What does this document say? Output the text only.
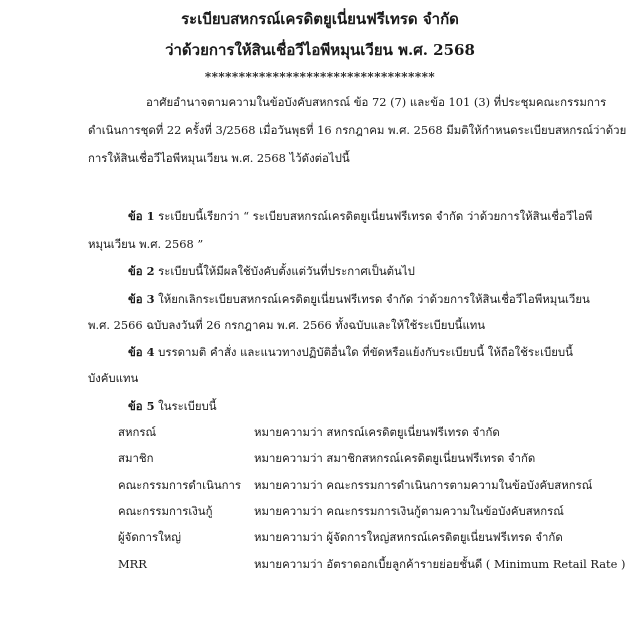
ระเบียบสหกรณ์เครดิตยูเนี่ยนฟรีเทรด จำกัด
ว่าด้วยการให้สินเชื่อวีไอพีหมุนเวียน พ.ศ. 2568
**********************************
อาศัยอำนาจตามความในข้อบังคับสหกรณ์ ข้อ 72 (7) และข้อ 101 (3) ที่ประชุมคณะกรรมการ
ดำเนินการชุดที่ 22 ครั้งที่ 3/2568 เมื่อวันพุธที่ 16 กรกฎาคม พ.ศ. 2568 มีมติให้กำหนดระเบียบสหกรณ์ว่าด้วย
การให้สินเชื่อวีไอพีหมุนเวียน พ.ศ. 2568 ไว้ดังต่อไปนี้
ข้อ 1 ระเบียบนี้เรียกว่า “ ระเบียบสหกรณ์เครดิตยูเนี่ยนฟรีเทรด จำกัด ว่าด้วยการให้สินเชื่อวีไอพี
หมุนเวียน พ.ศ. 2568 ”
ข้อ 2 ระเบียบนี้ให้มีผลใช้บังคับตั้งแต่วันที่ประกาศเป็นต้นไป
ข้อ 3 ให้ยกเลิกระเบียบสหกรณ์เครดิตยูเนี่ยนฟรีเทรด จำกัด ว่าด้วยการให้สินเชื่อวีไอพีหมุนเวียน
พ.ศ. 2566 ฉบับลงวันที่ 26 กรกฎาคม พ.ศ. 2566 ทั้งฉบับและให้ใช้ระเบียบนี้แทน
ข้อ 4 บรรดามติ คำสั่ง และแนวทางปฏิบัติอื่นใด ที่ขัดหรือแย้งกับระเบียบนี้ ให้ถือใช้ระเบียบนี้
บังคับแทน
ข้อ 5 ในระเบียบนี้
สหกรณ์	หมายความว่า สหกรณ์เครดิตยูเนี่ยนฟรีเทรด จำกัด
สมาชิก	หมายความว่า สมาชิกสหกรณ์เครดิตยูเนี่ยนฟรีเทรด จำกัด
คณะกรรมการดำเนินการ หมายความว่า คณะกรรมการดำเนินการตามความในข้อบังคับสหกรณ์
คณะกรรมการเงินกู้	หมายความว่า คณะกรรมการเงินกู้ตามความในข้อบังคับสหกรณ์
ผู้จัดการใหญ่	หมายความว่า ผู้จัดการใหญ่สหกรณ์เครดิตยูเนี่ยนฟรีเทรด จำกัด
MRR	หมายความว่า อัตราดอกเบี้ยลูกค้ารายย่อยชั้นดี ( Minimum Retail Rate )
